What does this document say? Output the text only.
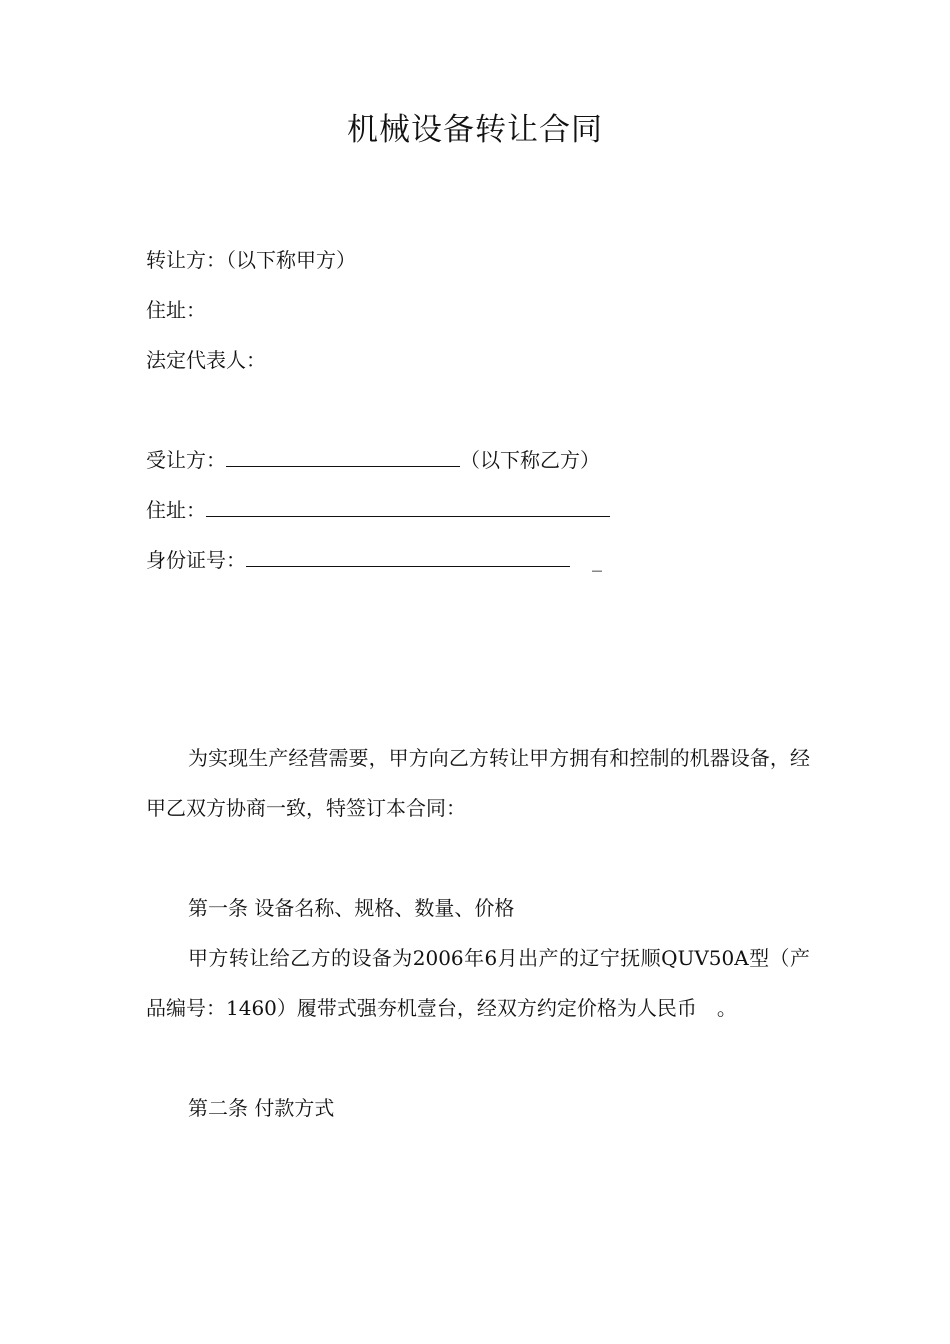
机械设备转让合同
转让方：（以下称甲方）
住址：
法定代表人：
受让方：	（以下称乙方）
住址：
身份证号：	_
为实现生产经营需要，甲方向乙方转让甲方拥有和控制的机器设备，经甲乙双方协商一致，特签订本合同：
第一条 设备名称、规格、数量、价格
甲方转让给乙方的设备为2006年6月出产的辽宁抚顺QUV50A型（产品编号：1460）履带式强夯机壹台，经双方约定价格为人民币　。
第二条 付款方式
